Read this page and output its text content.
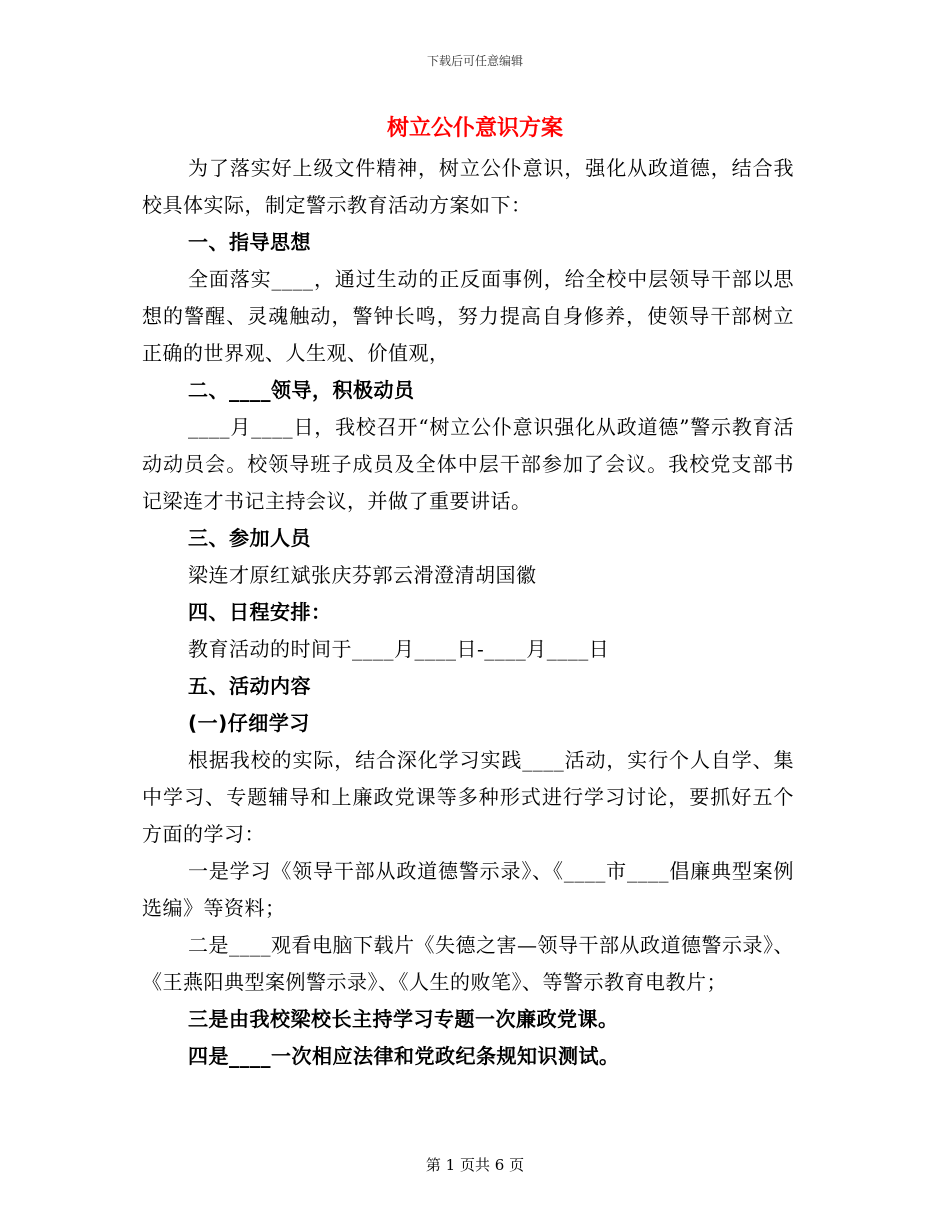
下载后可任意编辑
树立公仆意识方案

为了落实好上级文件精神，树立公仆意识，强化从政道德，结合我校具体实际，制定警示教育活动方案如下：

一、指导思想

全面落实____，通过生动的正反面事例，给全校中层领导干部以思想的警醒、灵魂触动，警钟长鸣，努力提高自身修养，使领导干部树立正确的世界观、人生观、价值观，

二、____领导，积极动员

____月____日，我校召开“树立公仆意识强化从政道德”警示教育活动动员会。校领导班子成员及全体中层干部参加了会议。我校党支部书记梁连才书记主持会议，并做了重要讲话。

三、参加人员

梁连才原红斌张庆芬郭云滑澄清胡国徽

四、日程安排：

教育活动的时间于____月____日-____月____日

五、活动内容

(一)仔细学习

根据我校的实际，结合深化学习实践____活动，实行个人自学、集中学习、专题辅导和上廉政党课等多种形式进行学习讨论，要抓好五个方面的学习：

一是学习《领导干部从政道德警示录》、《____市____倡廉典型案例选编》等资料；

二是____观看电脑下载片《失德之害—领导干部从政道德警示录》、《王燕阳典型案例警示录》、《人生的败笔》、等警示教育电教片；

三是由我校梁校长主持学习专题一次廉政党课。

四是____一次相应法律和党政纪条规知识测试。

第 1 页共 6 页
